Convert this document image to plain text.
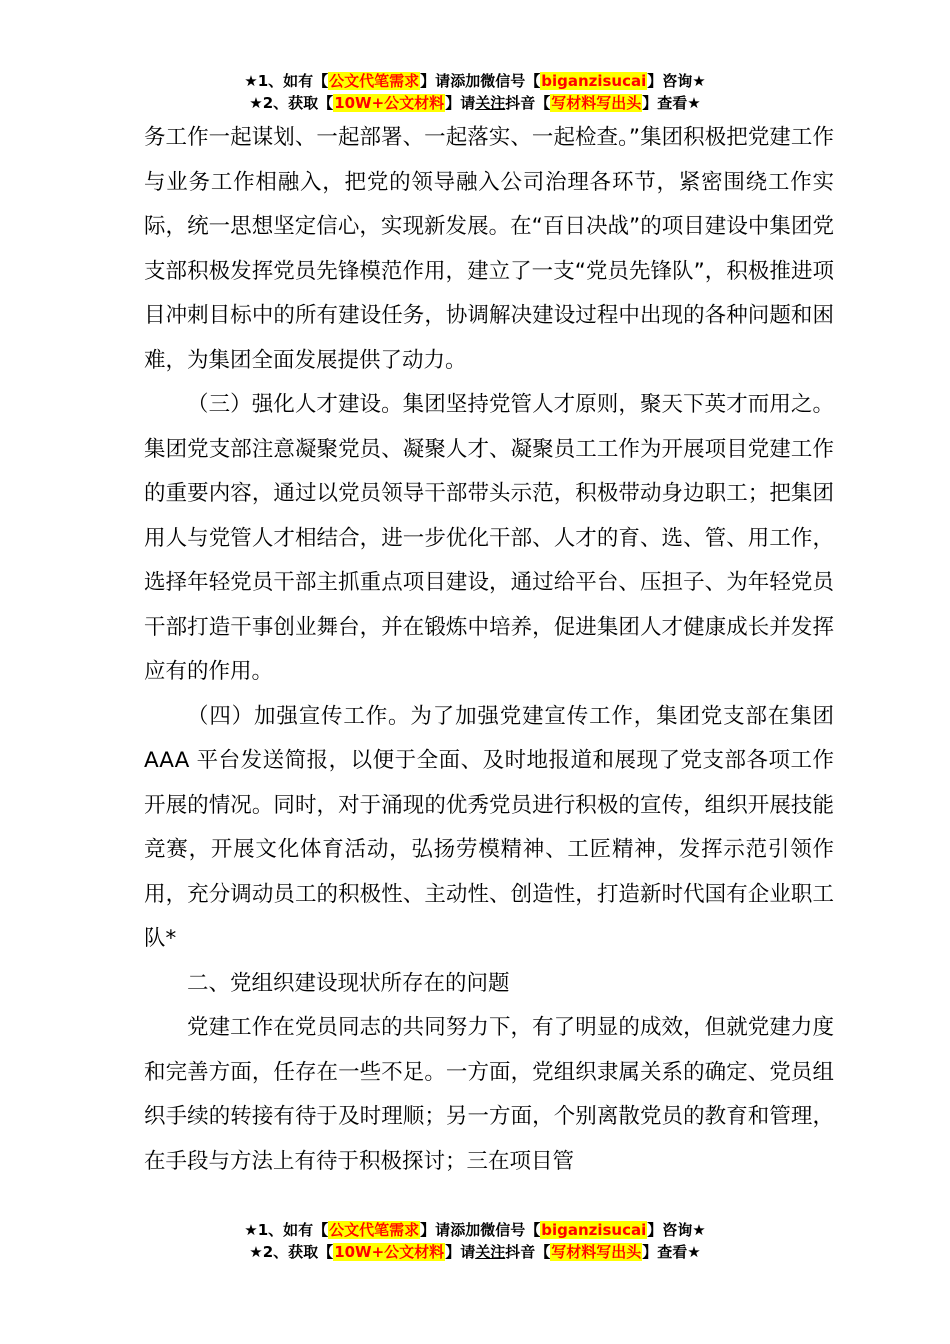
★1、如有【公文代笔需求】请添加微信号【biganzisucai】咨询★
★2、获取【10W+公文材料】请关注抖音【写材料写出头】查看★

务工作一起谋划、一起部署、一起落实、一起检查。”集团积极把党建工作与业务工作相融入，把党的领导融入公司治理各环节，紧密围绕工作实际，统一思想坚定信心，实现新发展。在“百日决战”的项目建设中集团党支部积极发挥党员先锋模范作用，建立了一支“党员先锋队”，积极推进项目冲刺目标中的所有建设任务，协调解决建设过程中出现的各种问题和困难，为集团全面发展提供了动力。

（三）强化人才建设。集团坚持党管人才原则，聚天下英才而用之。集团党支部注意凝聚党员、凝聚人才、凝聚员工工作为开展项目党建工作的重要内容，通过以党员领导干部带头示范，积极带动身边职工；把集团用人与党管人才相结合，进一步优化干部、人才的育、选、管、用工作，选择年轻党员干部主抓重点项目建设，通过给平台、压担子、为年轻党员干部打造干事创业舞台，并在锻炼中培养，促进集团人才健康成长并发挥应有的作用。

（四）加强宣传工作。为了加强党建宣传工作，集团党支部在集团 AAA 平台发送简报，以便于全面、及时地报道和展现了党支部各项工作开展的情况。同时，对于涌现的优秀党员进行积极的宣传，组织开展技能竞赛，开展文化体育活动，弘扬劳模精神、工匠精神，发挥示范引领作用，充分调动员工的积极性、主动性、创造性，打造新时代国有企业职工队*

二、党组织建设现状所存在的问题

党建工作在党员同志的共同努力下，有了明显的成效，但就党建力度和完善方面，任存在一些不足。一方面，党组织隶属关系的确定、党员组织手续的转接有待于及时理顺；另一方面，个别离散党员的教育和管理，在手段与方法上有待于积极探讨；三在项目管

★1、如有【公文代笔需求】请添加微信号【biganzisucai】咨询★
★2、获取【10W+公文材料】请关注抖音【写材料写出头】查看★
